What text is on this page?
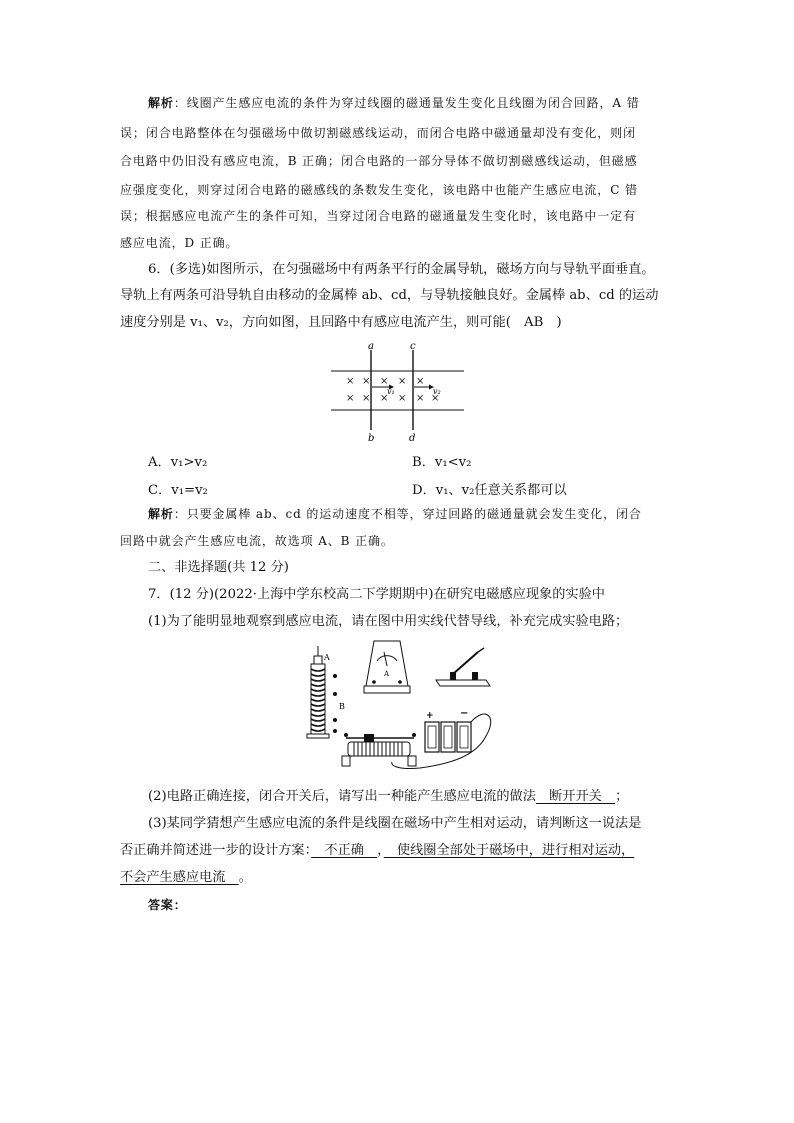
解析：线圈产生感应电流的条件为穿过线圈的磁通量发生变化且线圈为闭合回路，A 错
误；闭合电路整体在匀强磁场中做切割磁感线运动，而闭合电路中磁通量却没有变化，则闭
合电路中仍旧没有感应电流，B 正确；闭合电路的一部分导体不做切割磁感线运动，但磁感
应强度变化，则穿过闭合电路的磁感线的条数发生变化，该电路中也能产生感应电流，C 错
误；根据感应电流产生的条件可知，当穿过闭合电路的磁通量发生变化时，该电路中一定有
感应电流，D 正确。
6．(多选)如图所示，在匀强磁场中有两条平行的金属导轨，磁场方向与导轨平面垂直。
导轨上有两条可沿导轨自由移动的金属棒 ab、cd，与导轨接触良好。金属棒 ab、cd 的运动
速度分别是 v₁、v₂，方向如图，且回路中有感应电流产生，则可能(　AB　)
a	c
b	d
× × × × ×
× × × × × ×
v₁	v₂
A．v₁>v₂	B．v₁<v₂
C．v₁=v₂	D．v₁、v₂任意关系都可以
解析：只要金属棒 ab、cd 的运动速度不相等，穿过回路的磁通量就会发生变化，闭合
回路中就会产生感应电流，故选项 A、B 正确。
二、非选择题(共 12 分)
7．(12 分)(2022·上海中学东校高二下学期期中)在研究电磁感应现象的实验中
(1)为了能明显地观察到感应电流，请在图中用实线代替导线，补充完成实验电路；
A
B
A
+	−
(2)电路正确连接，闭合开关后，请写出一种能产生感应电流的做法　断开开关　；
(3)某同学猜想产生感应电流的条件是线圈在磁场中产生相对运动，请判断这一说法是
否正确并简述进一步的设计方案：　不正确　，　使线圈全部处于磁场中，进行相对运动，
不会产生感应电流　。
答案：
